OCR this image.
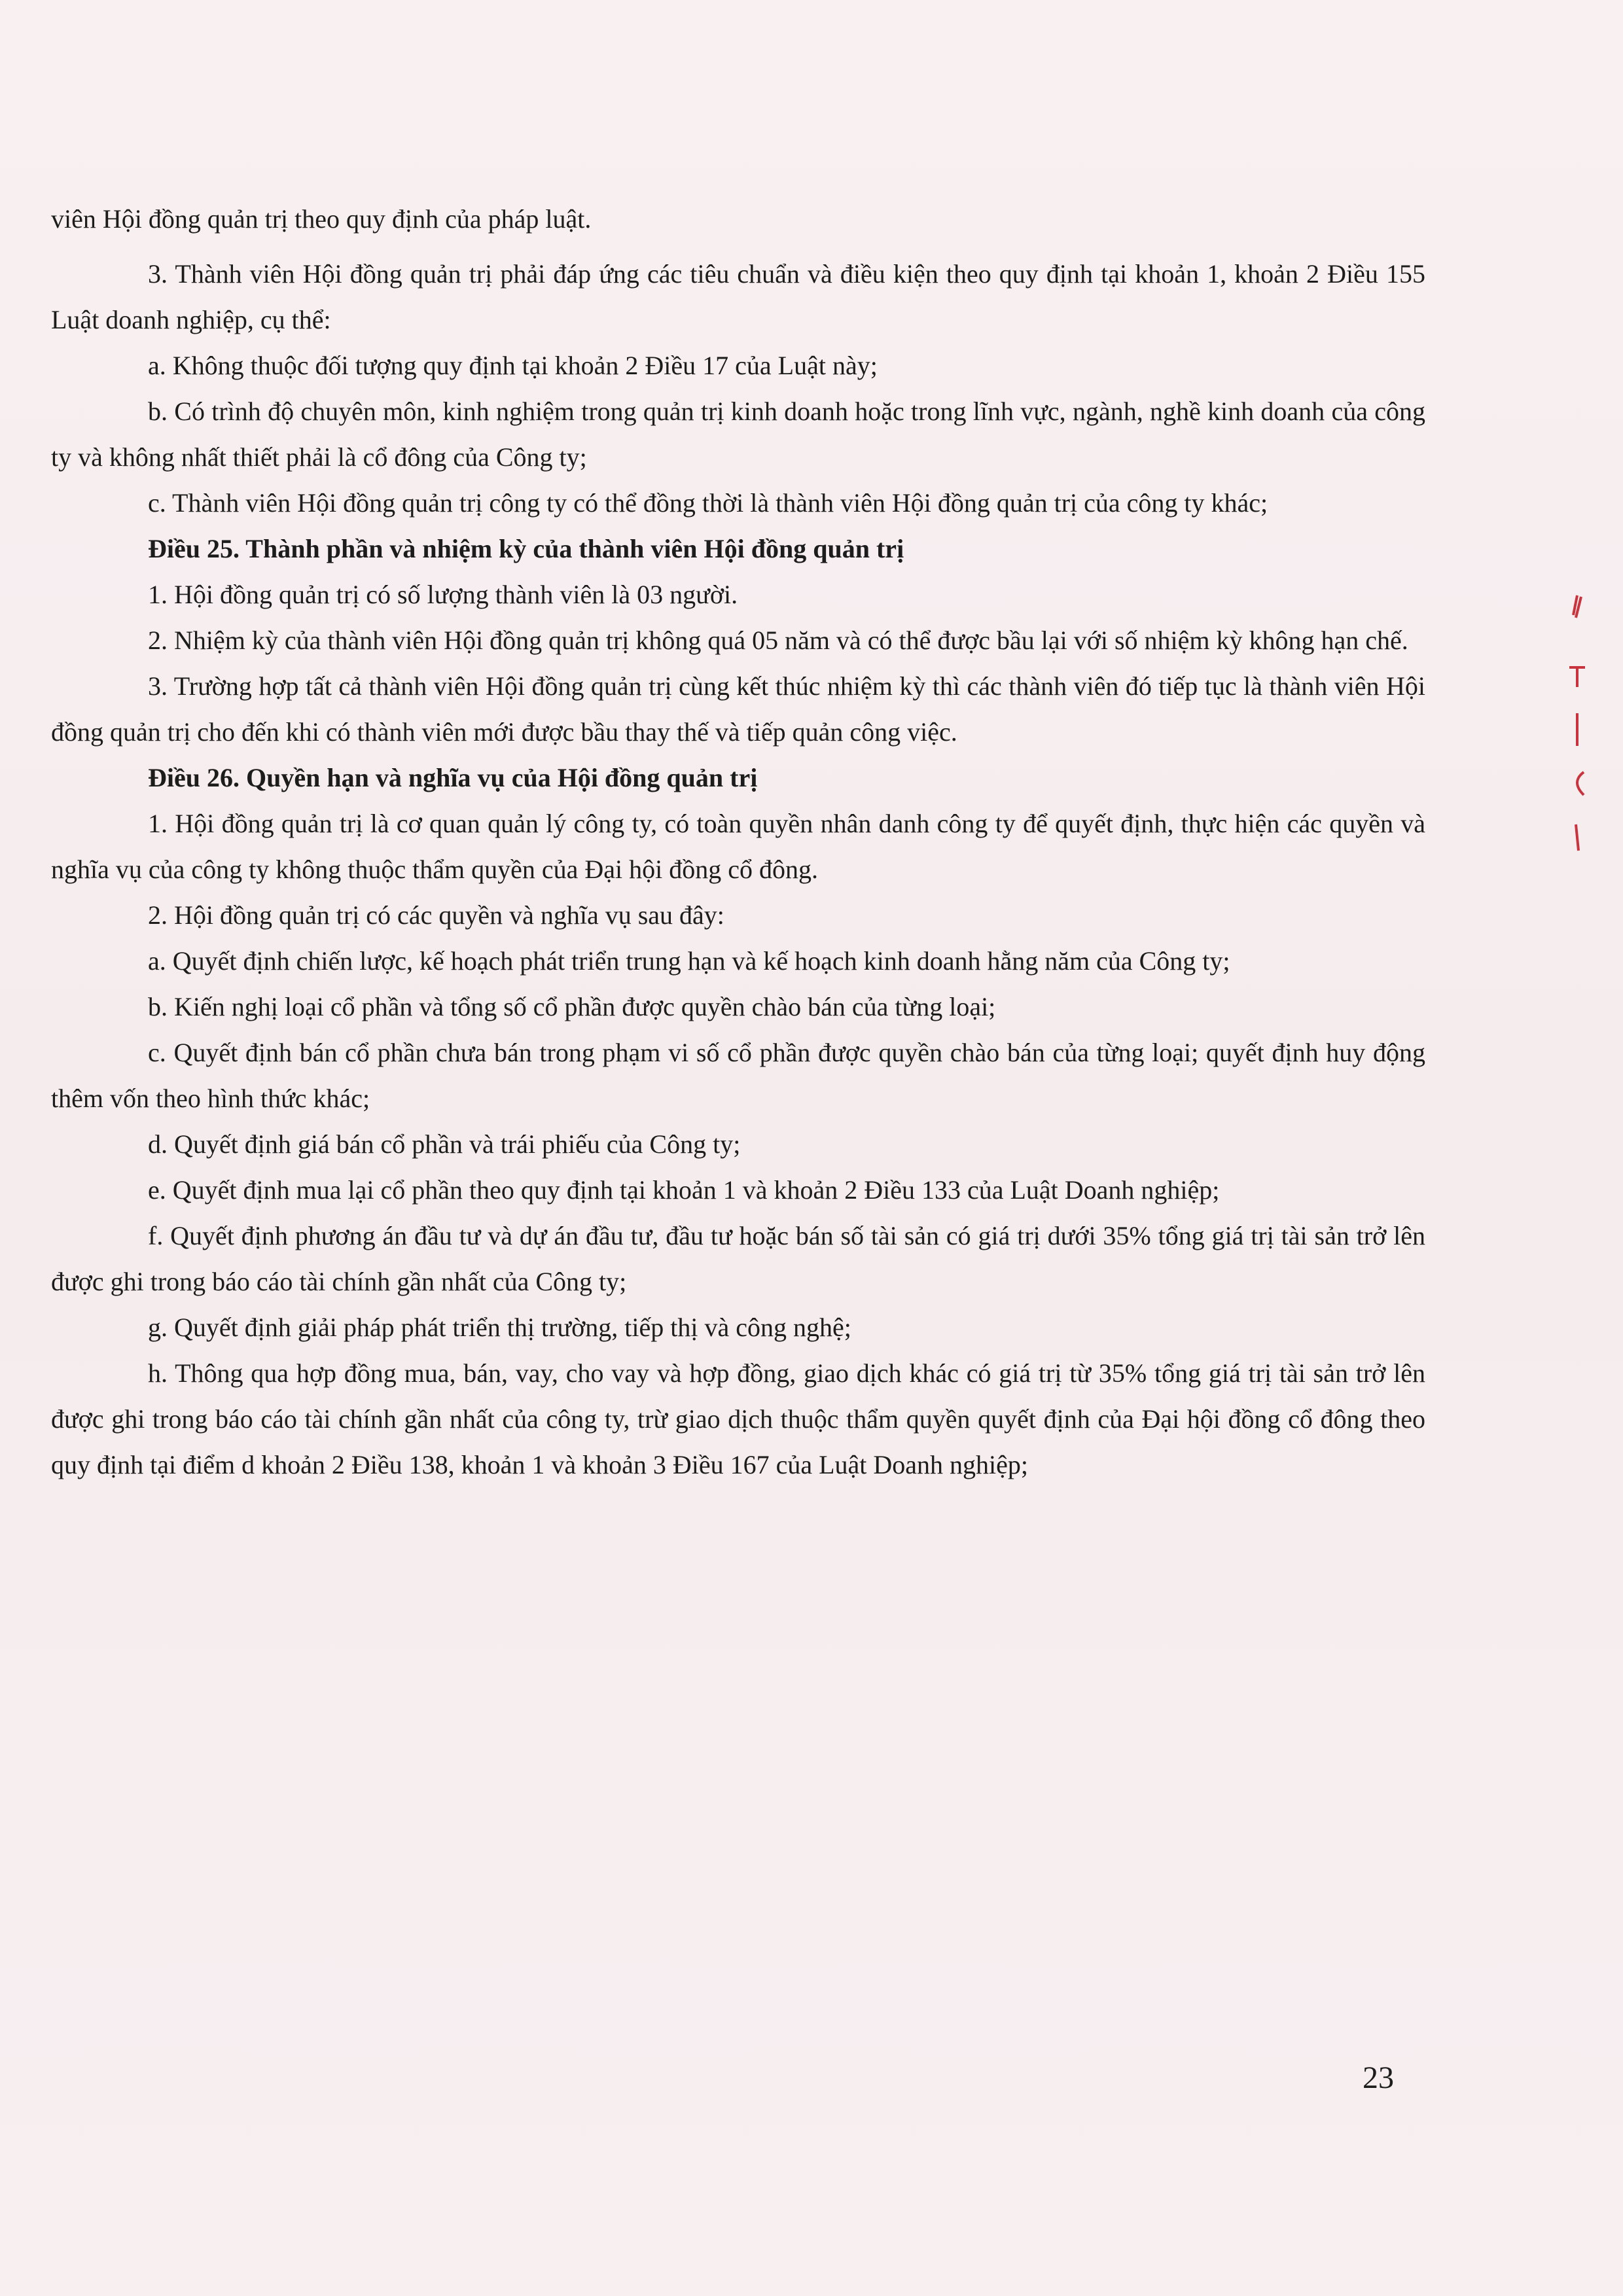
viên Hội đồng quản trị theo quy định của pháp luật.

3. Thành viên Hội đồng quản trị phải đáp ứng các tiêu chuẩn và điều kiện theo quy định tại khoản 1, khoản 2 Điều 155 Luật doanh nghiệp, cụ thể:

a. Không thuộc đối tượng quy định tại khoản 2 Điều 17 của Luật này;

b. Có trình độ chuyên môn, kinh nghiệm trong quản trị kinh doanh hoặc trong lĩnh vực, ngành, nghề kinh doanh của công ty và không nhất thiết phải là cổ đông của Công ty;

c. Thành viên Hội đồng quản trị công ty có thể đồng thời là thành viên Hội đồng quản trị của công ty khác;

Điều 25. Thành phần và nhiệm kỳ của thành viên Hội đồng quản trị

1. Hội đồng quản trị có số lượng thành viên là 03 người.

2. Nhiệm kỳ của thành viên Hội đồng quản trị không quá 05 năm và có thể được bầu lại với số nhiệm kỳ không hạn chế.

3. Trường hợp tất cả thành viên Hội đồng quản trị cùng kết thúc nhiệm kỳ thì các thành viên đó tiếp tục là thành viên Hội đồng quản trị cho đến khi có thành viên mới được bầu thay thế và tiếp quản công việc.

Điều 26. Quyền hạn và nghĩa vụ của Hội đồng quản trị

1. Hội đồng quản trị là cơ quan quản lý công ty, có toàn quyền nhân danh công ty để quyết định, thực hiện các quyền và nghĩa vụ của công ty không thuộc thẩm quyền của Đại hội đồng cổ đông.

2. Hội đồng quản trị có các quyền và nghĩa vụ sau đây:

a. Quyết định chiến lược, kế hoạch phát triển trung hạn và kế hoạch kinh doanh hằng năm của Công ty;

b. Kiến nghị loại cổ phần và tổng số cổ phần được quyền chào bán của từng loại;

c. Quyết định bán cổ phần chưa bán trong phạm vi số cổ phần được quyền chào bán của từng loại; quyết định huy động thêm vốn theo hình thức khác;

d. Quyết định giá bán cổ phần và trái phiếu của Công ty;

e. Quyết định mua lại cổ phần theo quy định tại khoản 1 và khoản 2 Điều 133 của Luật Doanh nghiệp;

f. Quyết định phương án đầu tư và dự án đầu tư, đầu tư hoặc bán số tài sản có giá trị dưới 35% tổng giá trị tài sản trở lên được ghi trong báo cáo tài chính gần nhất của Công ty;

g. Quyết định giải pháp phát triển thị trường, tiếp thị và công nghệ;

h. Thông qua hợp đồng mua, bán, vay, cho vay và hợp đồng, giao dịch khác có giá trị từ 35% tổng giá trị tài sản trở lên được ghi trong báo cáo tài chính gần nhất của công ty, trừ giao dịch thuộc thẩm quyền quyết định của Đại hội đồng cổ đông theo quy định tại điểm d khoản 2 Điều 138, khoản 1 và khoản 3 Điều 167 của Luật Doanh nghiệp;

23
